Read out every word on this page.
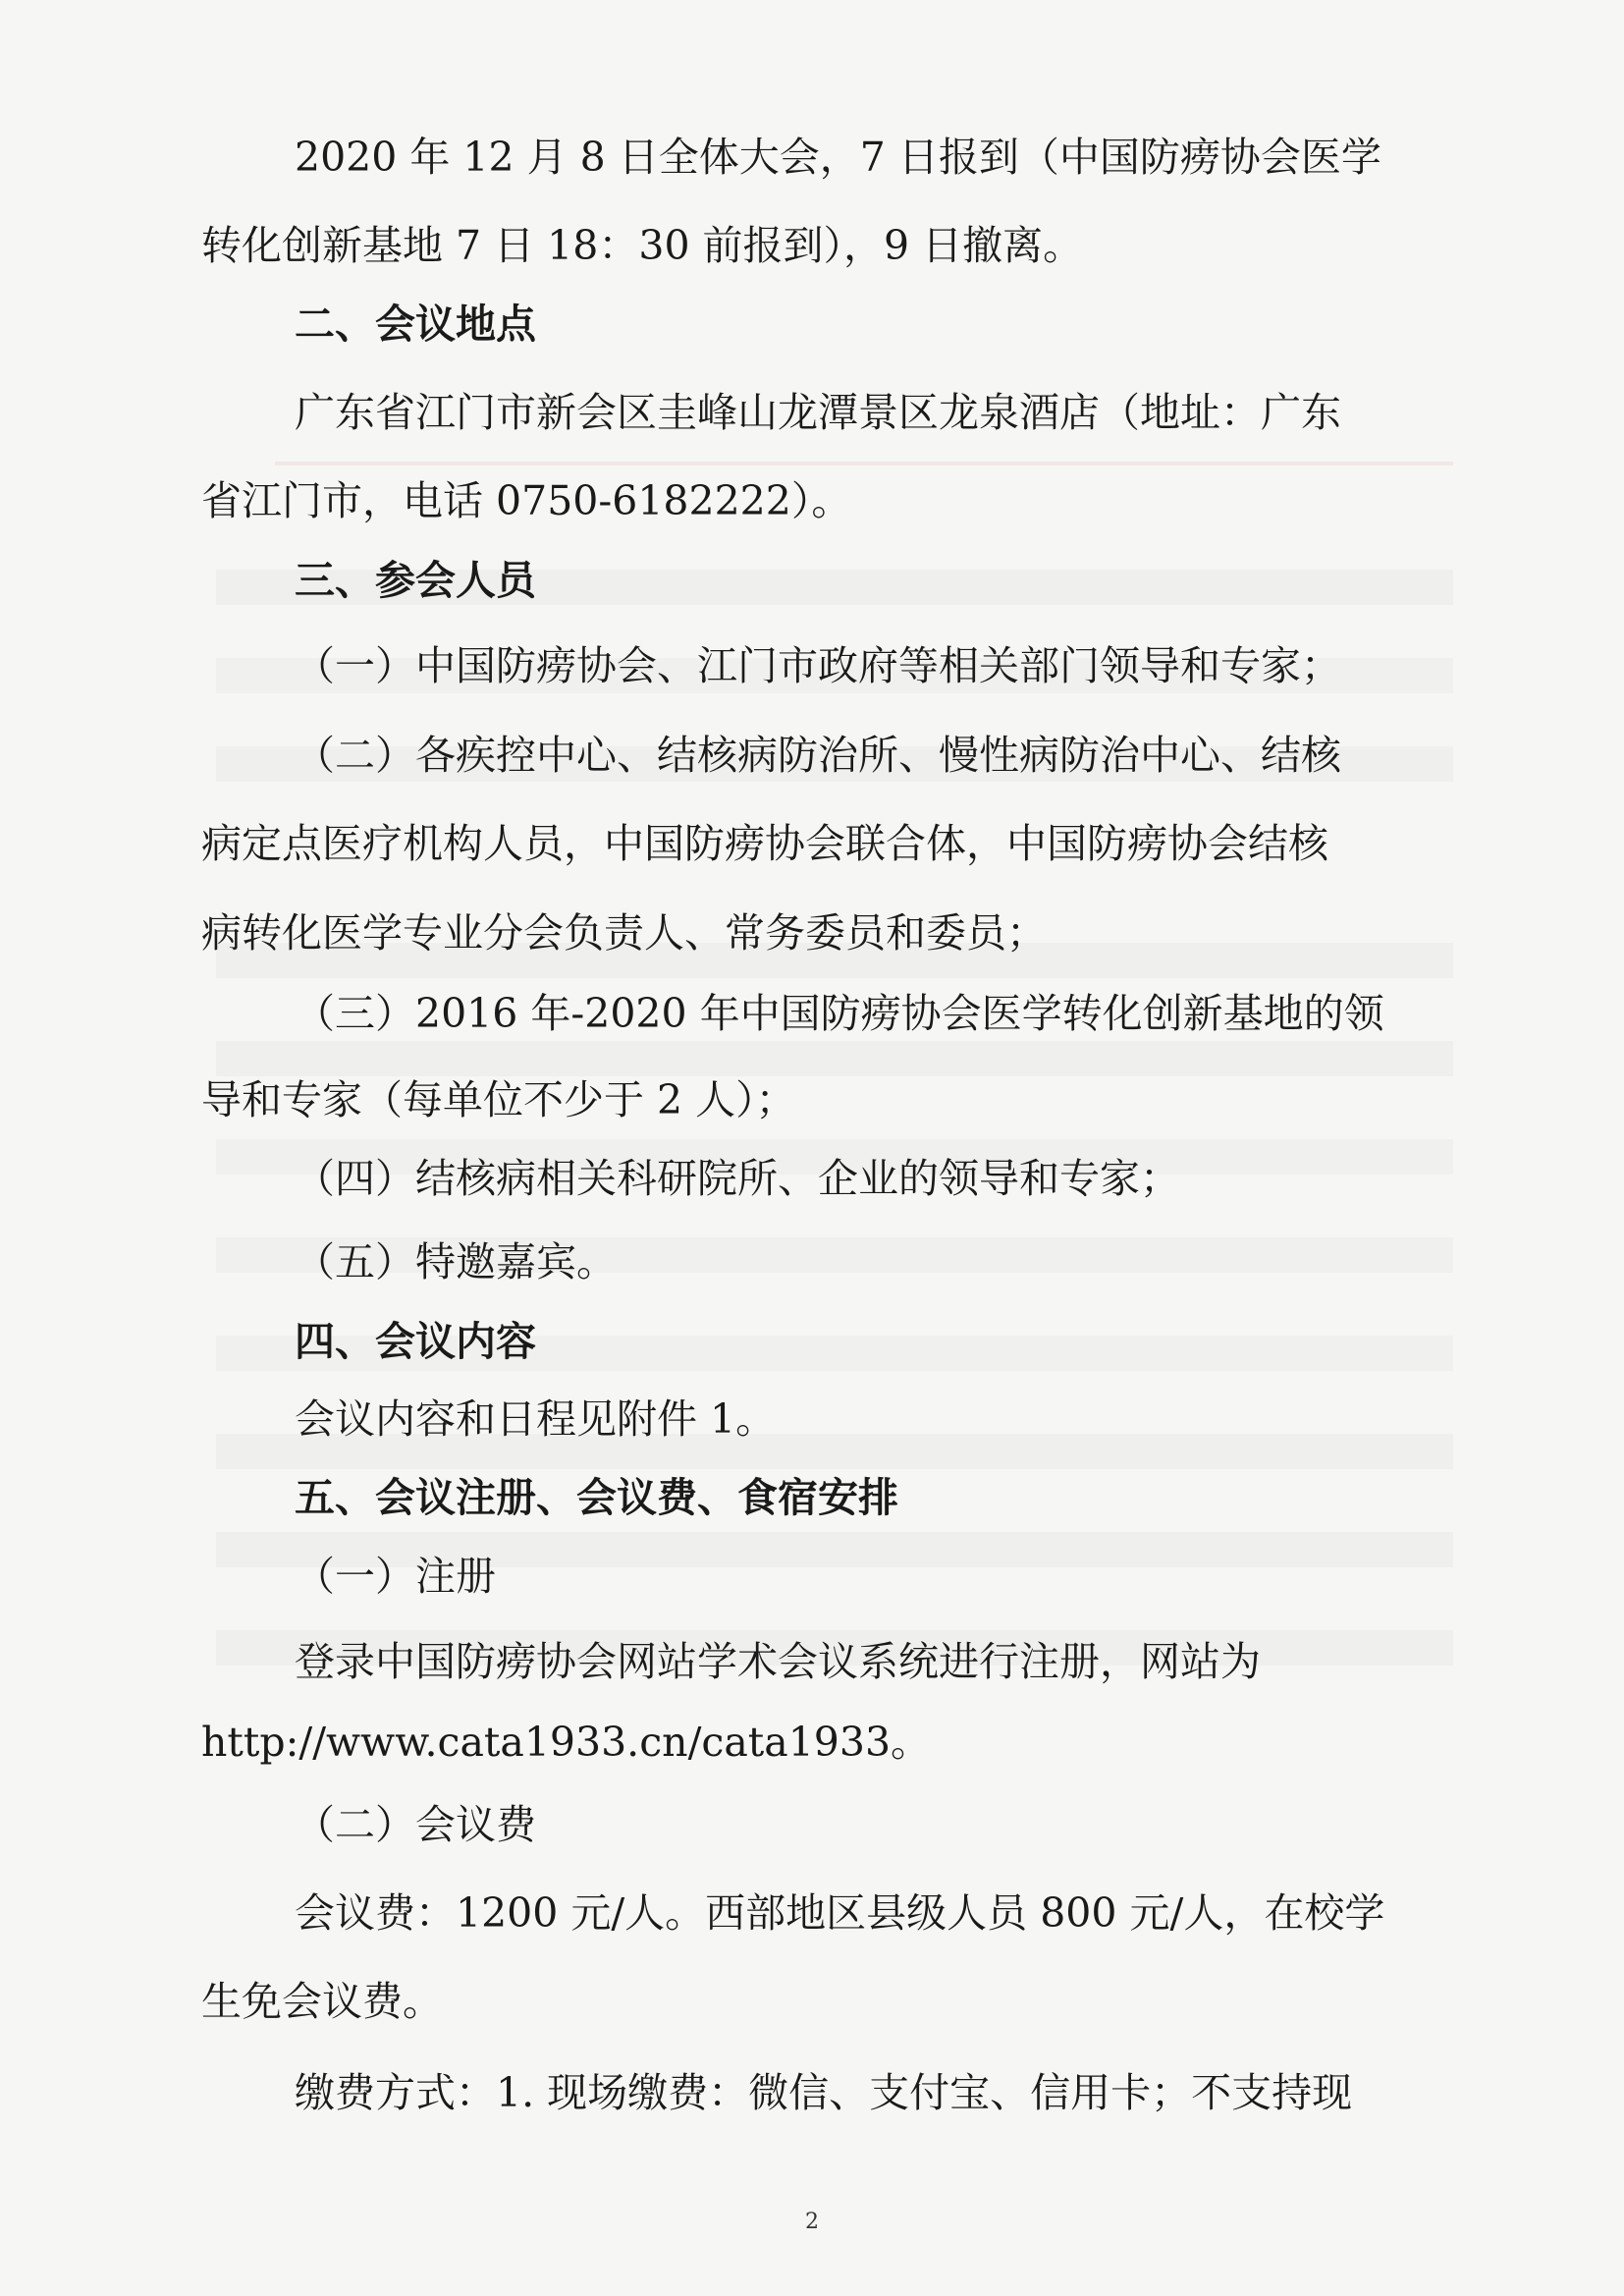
2020 年 12 月 8 日全体大会，7 日报到（中国防痨协会医学
转化创新基地 7 日 18：30 前报到），9 日撤离。
二、会议地点
广东省江门市新会区圭峰山龙潭景区龙泉酒店（地址：广东
省江门市，电话 0750-6182222）。
三、参会人员
（一）中国防痨协会、江门市政府等相关部门领导和专家；
（二）各疾控中心、结核病防治所、慢性病防治中心、结核
病定点医疗机构人员，中国防痨协会联合体，中国防痨协会结核
病转化医学专业分会负责人、常务委员和委员；
（三）2016 年-2020 年中国防痨协会医学转化创新基地的领
导和专家（每单位不少于 2 人）；
（四）结核病相关科研院所、企业的领导和专家；
（五）特邀嘉宾。
四、会议内容
会议内容和日程见附件 1。
五、会议注册、会议费、食宿安排
（一）注册
登录中国防痨协会网站学术会议系统进行注册，网站为
http://www.cata1933.cn/cata1933。
（二）会议费
会议费：1200 元/人。西部地区县级人员 800 元/人，在校学
生免会议费。
缴费方式：1. 现场缴费：微信、支付宝、信用卡；不支持现
2
